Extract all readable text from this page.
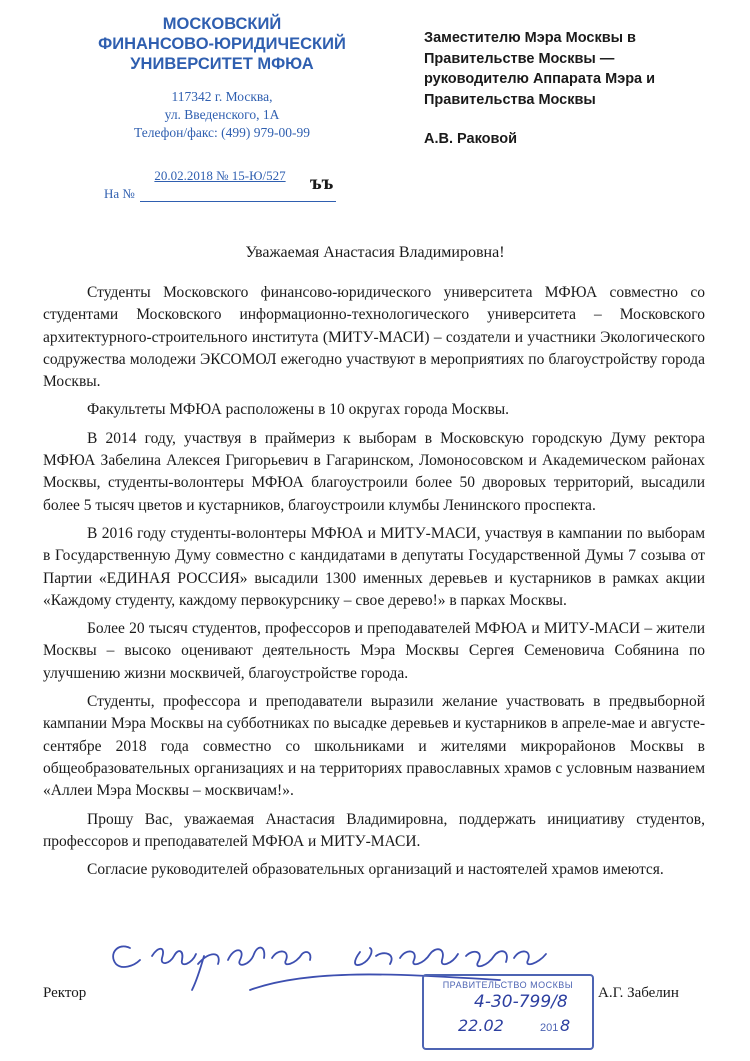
МОСКОВСКИЙ
ФИНАНСОВО-ЮРИДИЧЕСКИЙ
УНИВЕРСИТЕТ МФЮА
117342 г. Москва,
ул. Введенского, 1А
Телефон/факс: (499) 979-00-99
20.02.2018 № 15-Ю/527	ъъ
На №
Заместителю Мэра Москвы в
Правительстве Москвы —
руководителю Аппарата Мэра и
Правительства Москвы
А.В. Раковой
Уважаемая Анастасия Владимировна!

Студенты Московского финансово-юридического университета МФЮА совместно со студентами Московского информационно-технологического университета – Московского архитектурного-строительного института (МИТУ-МАСИ) – создатели и участники Экологического содружества молодежи ЭКСОМОЛ ежегодно участвуют в мероприятиях по благоустройству города Москвы.

Факультеты МФЮА расположены в 10 округах города Москвы.

В 2014 году, участвуя в праймериз к выборам в Московскую городскую Думу ректора МФЮА Забелина Алексея Григорьевич в Гагаринском, Ломоносовском и Академическом районах Москвы, студенты-волонтеры МФЮА благоустроили более 50 дворовых территорий, высадили более 5 тысяч цветов и кустарников, благоустроили клумбы Ленинского проспекта.

В 2016 году студенты-волонтеры МФЮА и МИТУ-МАСИ, участвуя в кампании по выборам в Государственную Думу совместно с кандидатами в депутаты Государственной Думы 7 созыва от Партии «ЕДИНАЯ РОССИЯ» высадили 1300 именных деревьев и кустарников в рамках акции «Каждому студенту, каждому первокурснику – свое дерево!» в парках Москвы.

Более 20 тысяч студентов, профессоров и преподавателей МФЮА и МИТУ-МАСИ – жители Москвы – высоко оценивают деятельность Мэра Москвы Сергея Семеновича Собянина по улучшению жизни москвичей, благоустройстве города.

Студенты, профессора и преподаватели выразили желание участвовать в предвыборной кампании Мэра Москвы на субботниках по высадке деревьев и кустарников в апреле-мае и августе-сентябре 2018 года совместно со школьниками и жителями микрорайонов Москвы в общеобразовательных организациях и на территориях православных храмов с условным названием «Аллеи Мэра Москвы – москвичам!».

Прошу Вас, уважаемая Анастасия Владимировна, поддержать инициативу студентов, профессоров и преподавателей МФЮА и МИТУ-МАСИ.

Согласие руководителей образовательных организаций и настоятелей храмов имеются.

Ректор	А.Г. Забелин
ПРАВИТЕЛЬСТВО МОСКВЫ
4-30-799/8
22.02	201 8
